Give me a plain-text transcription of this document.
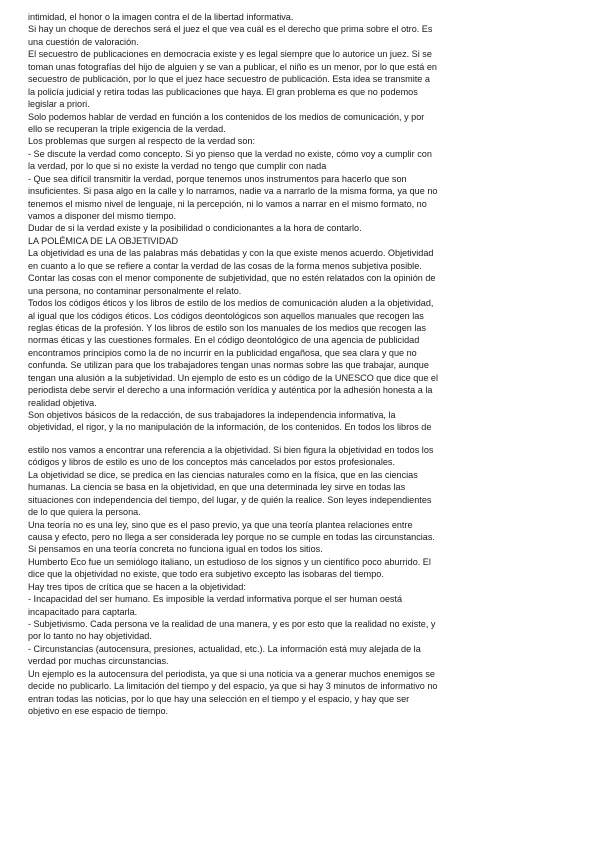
intimidad, el honor o la imagen contra el de la libertad informativa.
Si hay un choque de derechos será el juez el que vea cuál es el derecho que prima sobre el otro. Es
una cuestión de valoración.
El secuestro de publicaciones en democracia existe y es legal siempre que lo autorice un juez. Si se
toman unas fotografías del hijo de alguien y se van a publicar, el niño es un menor, por lo que está en
secuestro de publicación, por lo que el juez hace secuestro de publicación. Esta idea se transmite a
la policía judicial y retira todas las publicaciones que haya. El gran problema es que no podemos
legislar a priori.
Solo podemos hablar de verdad en función a los contenidos de los medios de comunicación, y por
ello se recuperan la triple exigencia de la verdad.
Los problemas que surgen al respecto de la verdad son:
- Se discute la verdad como concepto. Si yo pienso que la verdad no existe, cómo voy a cumplir con
la verdad, por lo que si no existe la verdad no tengo que cumplir con nada
- Que sea difícil transmitir la verdad, porque tenemos unos instrumentos para hacerlo que son
insuficientes. Si pasa algo en la calle y lo narramos, nadie va a narrarlo de la misma forma, ya que no
tenemos el mismo nivel de lenguaje, ni la percepción, ni lo vamos a narrar en el mismo formato, no
vamos a disponer del mismo tiempo.
Dudar de si la verdad existe y la posibilidad o condicionantes a la hora de contarlo.
LA POLÉMICA DE LA OBJETIVIDAD
La objetividad es una de las palabras más debatidas y con la que existe menos acuerdo. Objetividad
en cuanto a lo que se refiere a contar la verdad de las cosas de la forma menos subjetiva posible.
Contar las cosas con el menor componente de subjetividad, que no estén relatados con la opinión de
una persona, no contaminar personalmente el relato.
Todos los códigos éticos y los libros de estilo de los medios de comunicación aluden a la objetividad,
al igual que los códigos éticos. Los códigos deontológicos son aquellos manuales que recogen las
reglas éticas de la profesión. Y los libros de estilo son los manuales de los medios que recogen las
normas éticas y las cuestiones formales. En el código deontológico de una agencia de publicidad
encontramos principios como la de no incurrir en la publicidad engañosa, que sea clara y que no
confunda. Se utilizan para que los trabajadores tengan unas normas sobre las que trabajar, aunque
tengan una alusión a la subjetividad. Un ejemplo de esto es un código de la UNESCO que dice que el
periodista debe servir el derecho a una información verídica y auténtica por la adhesión honesta a la
realidad objetiva.
Son objetivos básicos de la redacción, de sus trabajadores la independencia informativa, la
objetividad, el rigor, y la no manipulación de la información, de los contenidos. En todos los libros de
estilo nos vamos a encontrar una referencia a la objetividad. Si bien figura la objetividad en todos los
códigos y libros de estilo es uno de los conceptos más cancelados por estos profesionales.
La objetividad se dice, se predica en las ciencias naturales como en la física, que en las ciencias
humanas. La ciencia se basa en la objetividad, en que una determinada ley sirve en todas las
situaciones con independencia del tiempo, del lugar, y de quién la realice. Son leyes independientes
de lo que quiera la persona.
Una teoría no es una ley, sino que es el paso previo, ya que una teoría plantea relaciones entre
causa y efecto, pero no llega a ser considerada ley porque no se cumple en todas las circunstancias.
Si pensamos en una teoría concreta no funciona igual en todos los sitios.
Humberto Eco fue un semiólogo italiano, un estudioso de los signos y un científico poco aburrido. El
dice que la objetividad no existe, que todo era subjetivo excepto las isobaras del tiempo.
Hay tres tipos de crítica que se hacen a la objetividad:
- Incapacidad del ser humano. Es imposible la verdad informativa porque el ser human oestá
incapacitado para captarla.
- Subjetivismo. Cada persona ve la realidad de una manera, y es por esto que la realidad no existe, y
por lo tanto no hay objetividad.
- Circunstancias (autocensura, presiones, actualidad, etc.). La información está muy alejada de la
verdad por muchas circunstancias.
Un ejemplo es la autocensura del periodista, ya que si una noticia va a generar muchos enemigos se
decide no publicarlo. La limitación del tiempo y del espacio, ya que si hay 3 minutos de informativo no
entran todas las noticias, por lo que hay una selección en el tiempo y el espacio, y hay que ser
objetivo en ese espacio de tiempo.
